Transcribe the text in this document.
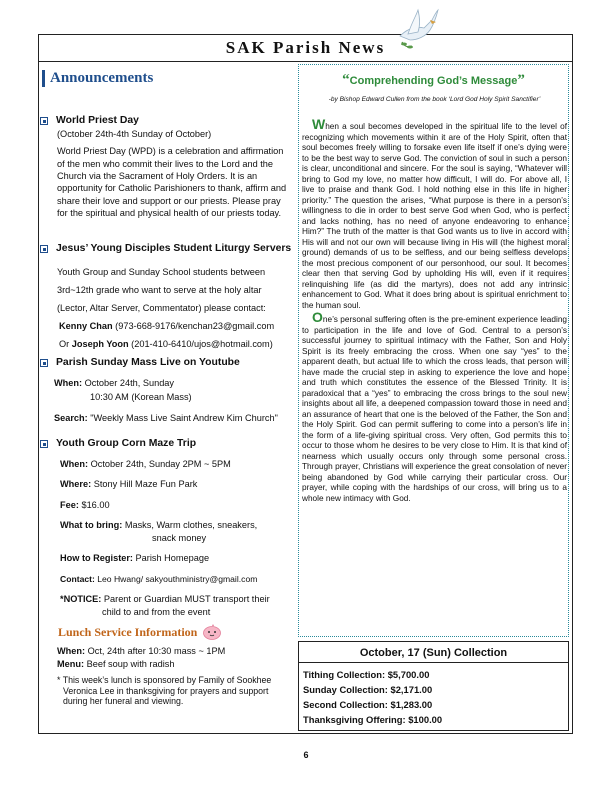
SAK Parish News
Announcements
World Priest Day
(October 24th-4th Sunday of October)
World Priest Day (WPD) is a celebration and affirmation of the men who commit their lives to the Lord and the Church via the Sacrament of Holy Orders. It is an opportunity for Catholic Parishioners to thank, affirm and share their love and support or our priests. Please pray for the spiritual and physical health of our priests today.
Jesus’ Young Disciples Student Liturgy Servers
Youth Group and Sunday School students between
3rd~12th grade who want to serve at the holy altar
(Lector, Altar Server, Commentator) please contact:
Kenny Chan (973-668-9176/kenchan23@gmail.com
Or Joseph Yoon (201-410-6410/ujos@hotmail.com)
Parish Sunday Mass Live on Youtube
When: October 24th, Sunday
10:30 AM (Korean Mass)
Search: "Weekly Mass Live Saint Andrew Kim Church"
Youth Group Corn Maze Trip
When: October 24th, Sunday 2PM ~ 5PM
Where: Stony Hill Maze Fun Park
Fee: $16.00
What to bring: Masks, Warm clothes, sneakers,
snack money
How to Register: Parish Homepage
Contact: Leo Hwang/ sakyouthministry@gmail.com
*NOTICE: Parent or Guardian MUST transport their
child to and from the event
Lunch Service Information
When: Oct, 24th after 10:30 mass ~ 1PM
Menu: Beef soup with radish
* This week’s lunch is sponsored by Family of Sookhee Veronica Lee in thanksgiving for prayers and support during her funeral and viewing.
“Comprehending God’s Message”
-by Bishop Edward Cullen from the book ‘Lord God Holy Spirit Sanctifier’

When a soul becomes developed in the spiritual life to the level of recognizing which movements within it are of the Holy Spirit, often that soul becomes freely willing to forsake even life itself if one’s dying were to be the best way to serve God. The conviction of soul in such a person is clear, unconditional and sincere. For the soul is saying, “Whatever will bring to God my love, no matter how difficult, I will do. For above all, I live to praise and thank God. I hold nothing else in this life in higher priority.” The question the arises, “What purpose is there in a person’s willingness to die in order to best serve God when God, who is perfect and lacks nothing, has no need of anyone endeavoring to enhance Him?” The truth of the matter is that God wants us to live in accord with His will and not our own will because living in His will (the highest moral ground) demands of us to be selfless, and our being selfless develops the most precious component of our personhood, our soul. It becomes clear then that serving God by upholding His will, even if it requires relinquishing life (as did the martyrs), does not add any intrinsic enhancement to God. What it does bring about is spiritual enrichment to the human soul.

One’s personal suffering often is the pre-eminent experience leading to participation in the life and love of God. Central to a person’s successful journey to spiritual intimacy with the Father, Son and Holy Spirit is its freely embracing the cross. When one say “yes” to the apparent death, but actual life to which the cross leads, that person will have made the crucial step in asking to experience the love and hope and truth which constitutes the essence of the Blessed Trinity. It is paradoxical that a “yes” to embracing the cross brings to the soul new insights about all life, a deepened compassion toward those in need and an assurance of heart that one is the beloved of the Father, the Son and the Holy Spirit. God can permit suffering to come into a person’s life in the form of a life-giving spiritual cross. Very often, God permits this to occur to those whom he desires to be very close to Him. It is that kind of nearness which usually occurs only through some personal cross. Through prayer, Christians will experience the great consolation of never being abandoned by God while carrying their particular cross. Our prayer, while coping with the hardships of our cross, will bring us to a whole new intimacy with God.

October, 17 (Sun) Collection
Tithing Collection: $5,700.00
Sunday Collection: $2,171.00
Second Collection: $1,283.00
Thanksgiving Offering: $100.00
6
